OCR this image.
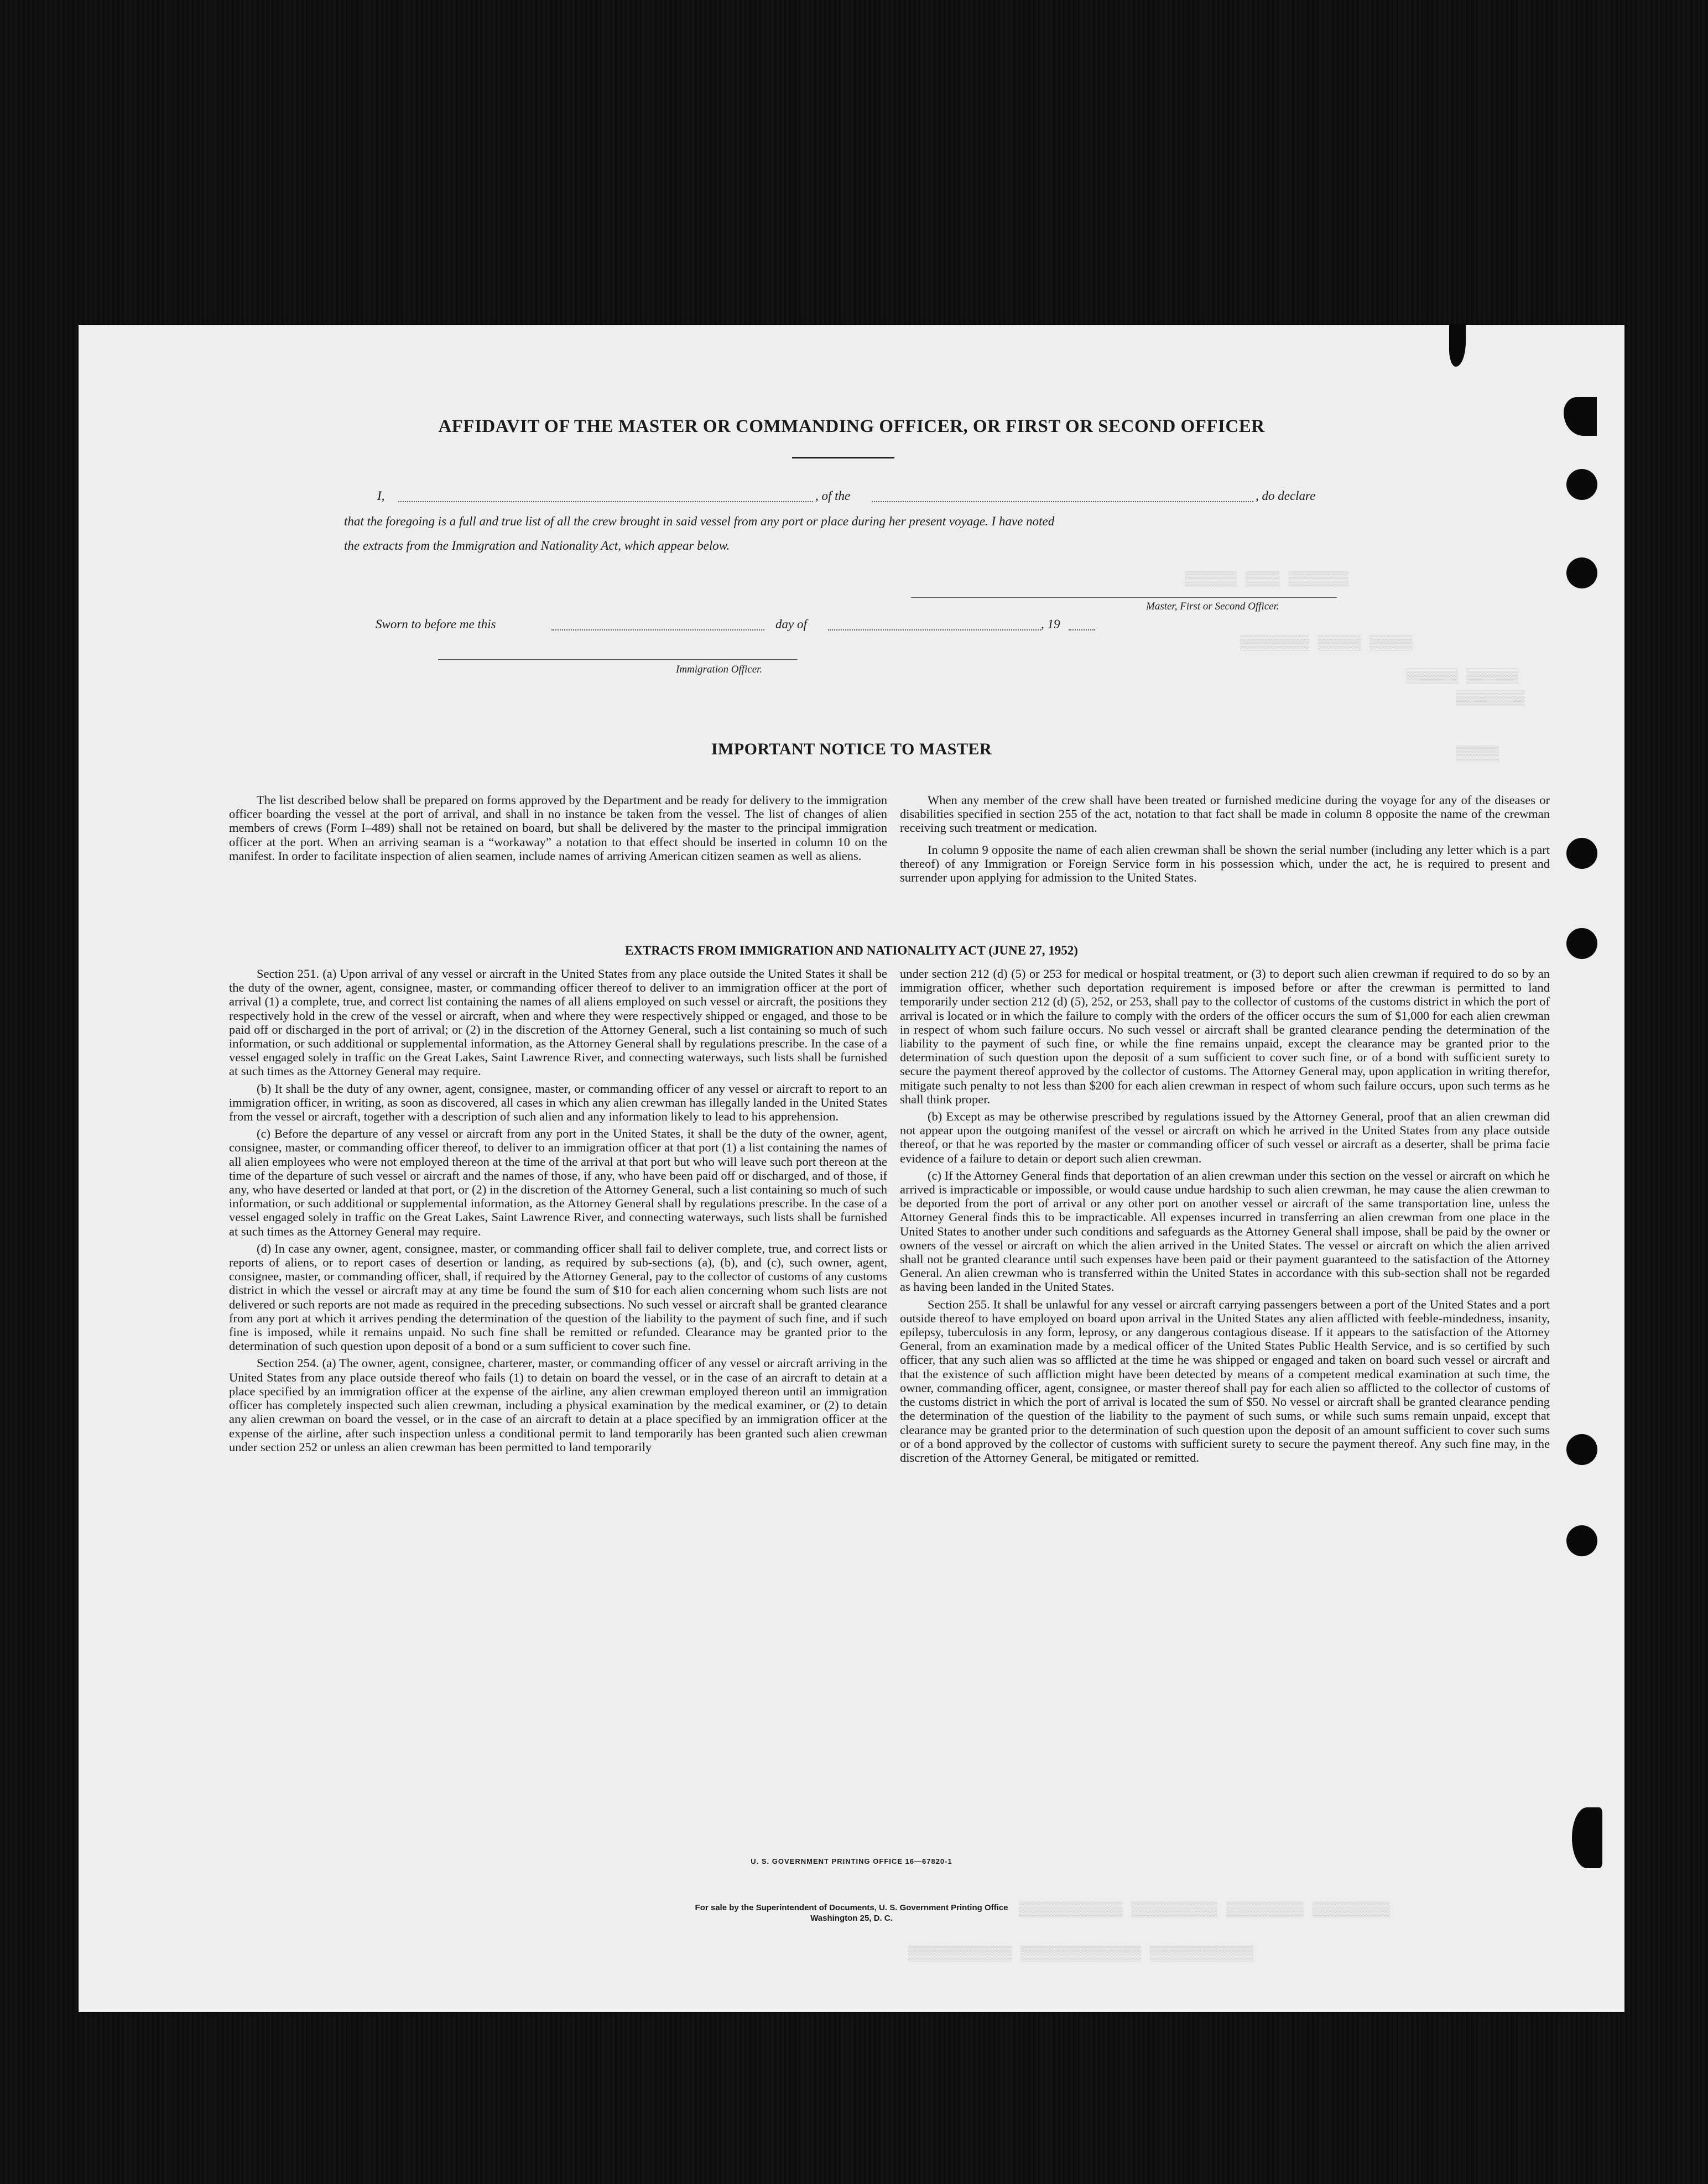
▒▒▒▒▒▒▒ ▒▒▒▒ ▒▒▒▒▒▒
▒▒▒▒▒ ▒▒▒▒▒ ▒▒▒▒▒▒▒▒
▒▒▒▒▒▒ ▒▒▒▒▒▒
▒▒▒▒▒▒▒▒
▒▒▒▒▒
▒▒▒▒▒▒▒▒▒ ▒▒▒▒▒▒▒▒▒ ▒▒▒▒▒▒▒▒▒▒ ▒▒▒▒▒▒▒▒▒▒▒▒
▒▒▒▒▒▒▒▒▒▒▒▒ ▒▒▒▒▒▒▒▒▒▒▒▒▒▒ ▒▒▒▒▒▒▒▒▒▒▒▒
AFFIDAVIT OF THE MASTER OR COMMANDING OFFICER, OR FIRST OR SECOND OFFICER
I,	, of the	, do declare
that the foregoing is a full and true list of all the crew brought in said vessel from any port or place during her present voyage. I have noted
the extracts from the Immigration and Nationality Act, which appear below.
Master, First or Second Officer.
Sworn to before me this	day of	, 19
Immigration Officer.
IMPORTANT NOTICE TO MASTER

The list described below shall be prepared on forms approved by the Department and be ready for delivery to the immigration officer boarding the vessel at the port of arrival, and shall in no instance be taken from the vessel. The list of changes of alien members of crews (Form I–489) shall not be retained on board, but shall be delivered by the master to the principal immigration officer at the port. When an arriving seaman is a “workaway” a notation to that effect should be inserted in column 10 on the manifest. In order to facilitate inspection of alien seamen, include names of arriving American citizen seamen as well as aliens.

When any member of the crew shall have been treated or furnished medicine during the voyage for any of the diseases or disabilities specified in section 255 of the act, notation to that fact shall be made in column 8 opposite the name of the crewman receiving such treatment or medication.

In column 9 opposite the name of each alien crewman shall be shown the serial number (including any letter which is a part thereof) of any Immigration or Foreign Service form in his possession which, under the act, he is required to present and surrender upon applying for admission to the United States.

EXTRACTS FROM IMMIGRATION AND NATIONALITY ACT (JUNE 27, 1952)

Section 251. (a) Upon arrival of any vessel or aircraft in the United States from any place outside the United States it shall be the duty of the owner, agent, consignee, master, or commanding officer thereof to deliver to an immigration officer at the port of arrival (1) a complete, true, and correct list containing the names of all aliens employed on such vessel or aircraft, the positions they respectively hold in the crew of the vessel or aircraft, when and where they were respectively shipped or engaged, and those to be paid off or discharged in the port of arrival; or (2) in the discretion of the Attorney General, such a list containing so much of such information, or such additional or supplemental information, as the Attorney General shall by regulations prescribe. In the case of a vessel engaged solely in traffic on the Great Lakes, Saint Lawrence River, and connecting waterways, such lists shall be furnished at such times as the Attorney General may require.

(b) It shall be the duty of any owner, agent, consignee, master, or commanding officer of any vessel or aircraft to report to an immigration officer, in writing, as soon as discovered, all cases in which any alien crewman has illegally landed in the United States from the vessel or aircraft, together with a description of such alien and any information likely to lead to his apprehension.

(c) Before the departure of any vessel or aircraft from any port in the United States, it shall be the duty of the owner, agent, consignee, master, or commanding officer thereof, to deliver to an immigration officer at that port (1) a list containing the names of all alien employees who were not employed thereon at the time of the arrival at that port but who will leave such port thereon at the time of the departure of such vessel or aircraft and the names of those, if any, who have been paid off or discharged, and of those, if any, who have deserted or landed at that port, or (2) in the discretion of the Attorney General, such a list containing so much of such information, or such additional or supplemental information, as the Attorney General shall by regulations prescribe. In the case of a vessel engaged solely in traffic on the Great Lakes, Saint Lawrence River, and connecting waterways, such lists shall be furnished at such times as the Attorney General may require.

(d) In case any owner, agent, consignee, master, or commanding officer shall fail to deliver complete, true, and correct lists or reports of aliens, or to report cases of desertion or landing, as required by sub-sections (a), (b), and (c), such owner, agent, consignee, master, or commanding officer, shall, if required by the Attorney General, pay to the collector of customs of any customs district in which the vessel or aircraft may at any time be found the sum of $10 for each alien concerning whom such lists are not delivered or such reports are not made as required in the preceding subsections. No such vessel or aircraft shall be granted clearance from any port at which it arrives pending the determination of the question of the liability to the payment of such fine, and if such fine is imposed, while it remains unpaid. No such fine shall be remitted or refunded. Clearance may be granted prior to the determination of such question upon deposit of a bond or a sum sufficient to cover such fine.

Section 254. (a) The owner, agent, consignee, charterer, master, or commanding officer of any vessel or aircraft arriving in the United States from any place outside thereof who fails (1) to detain on board the vessel, or in the case of an aircraft to detain at a place specified by an immigration officer at the expense of the airline, any alien crewman employed thereon until an immigration officer has completely inspected such alien crewman, including a physical examination by the medical examiner, or (2) to detain any alien crewman on board the vessel, or in the case of an aircraft to detain at a place specified by an immigration officer at the expense of the airline, after such inspection unless a conditional permit to land temporarily has been granted such alien crewman under section 252 or unless an alien crewman has been permitted to land temporarily

under section 212 (d) (5) or 253 for medical or hospital treatment, or (3) to deport such alien crewman if required to do so by an immigration officer, whether such deportation requirement is imposed before or after the crewman is permitted to land temporarily under section 212 (d) (5), 252, or 253, shall pay to the collector of customs of the customs district in which the port of arrival is located or in which the failure to comply with the orders of the officer occurs the sum of $1,000 for each alien crewman in respect of whom such failure occurs. No such vessel or aircraft shall be granted clearance pending the determination of the liability to the payment of such fine, or while the fine remains unpaid, except the clearance may be granted prior to the determination of such question upon the deposit of a sum sufficient to cover such fine, or of a bond with sufficient surety to secure the payment thereof approved by the collector of customs. The Attorney General may, upon application in writing therefor, mitigate such penalty to not less than $200 for each alien crewman in respect of whom such failure occurs, upon such terms as he shall think proper.

(b) Except as may be otherwise prescribed by regulations issued by the Attorney General, proof that an alien crewman did not appear upon the outgoing manifest of the vessel or aircraft on which he arrived in the United States from any place outside thereof, or that he was reported by the master or commanding officer of such vessel or aircraft as a deserter, shall be prima facie evidence of a failure to detain or deport such alien crewman.

(c) If the Attorney General finds that deportation of an alien crewman under this section on the vessel or aircraft on which he arrived is impracticable or impossible, or would cause undue hardship to such alien crewman, he may cause the alien crewman to be deported from the port of arrival or any other port on another vessel or aircraft of the same transportation line, unless the Attorney General finds this to be impracticable. All expenses incurred in transferring an alien crewman from one place in the United States to another under such conditions and safeguards as the Attorney General shall impose, shall be paid by the owner or owners of the vessel or aircraft on which the alien arrived in the United States. The vessel or aircraft on which the alien arrived shall not be granted clearance until such expenses have been paid or their payment guaranteed to the satisfaction of the Attorney General. An alien crewman who is transferred within the United States in accordance with this sub-section shall not be regarded as having been landed in the United States.

Section 255. It shall be unlawful for any vessel or aircraft carrying passengers between a port of the United States and a port outside thereof to have employed on board upon arrival in the United States any alien afflicted with feeble-mindedness, insanity, epilepsy, tuberculosis in any form, leprosy, or any dangerous contagious disease. If it appears to the satisfaction of the Attorney General, from an examination made by a medical officer of the United States Public Health Service, and is so certified by such officer, that any such alien was so afflicted at the time he was shipped or engaged and taken on board such vessel or aircraft and that the existence of such affliction might have been detected by means of a competent medical examination at such time, the owner, commanding officer, agent, consignee, or master thereof shall pay for each alien so afflicted to the collector of customs of the customs district in which the port of arrival is located the sum of $50. No vessel or aircraft shall be granted clearance pending the determination of the question of the liability to the payment of such sums, or while such sums remain unpaid, except that clearance may be granted prior to the determination of such question upon the deposit of an amount sufficient to cover such sums or of a bond approved by the collector of customs with sufficient surety to secure the payment thereof. Any such fine may, in the discretion of the Attorney General, be mitigated or remitted.

U. S. GOVERNMENT PRINTING OFFICE 16—67820-1
For sale by the Superintendent of Documents, U. S. Government Printing Office
Washington 25, D. C.
